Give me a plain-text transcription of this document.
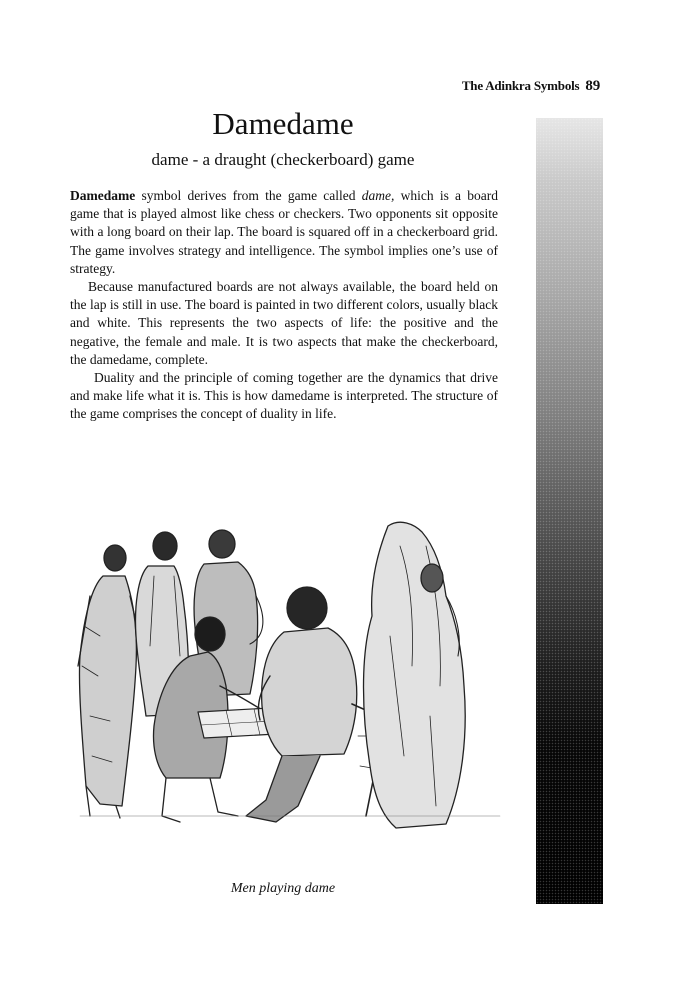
The Adinkra Symbols 89
Damedame
dame - a draught (checkerboard) game

Damedame symbol derives from the game called dame, which is a board game that is played almost like chess or checkers. Two opponents sit opposite with a long board on their lap. The board is squared off in a checkerboard grid. The game involves strategy and intelligence. The symbol implies one’s use of strategy.

Because manufactured boards are not always available, the board held on the lap is still in use. The board is painted in two different colors, usually black and white. This represents the two aspects of life: the positive and the negative, the female and male. It is two aspects that make the checkerboard, the damedame, complete.

Duality and the principle of coming together are the dynamics that drive and make life what it is. This is how damedame is interpreted. The structure of the game comprises the concept of duality in life.

Men playing dame
